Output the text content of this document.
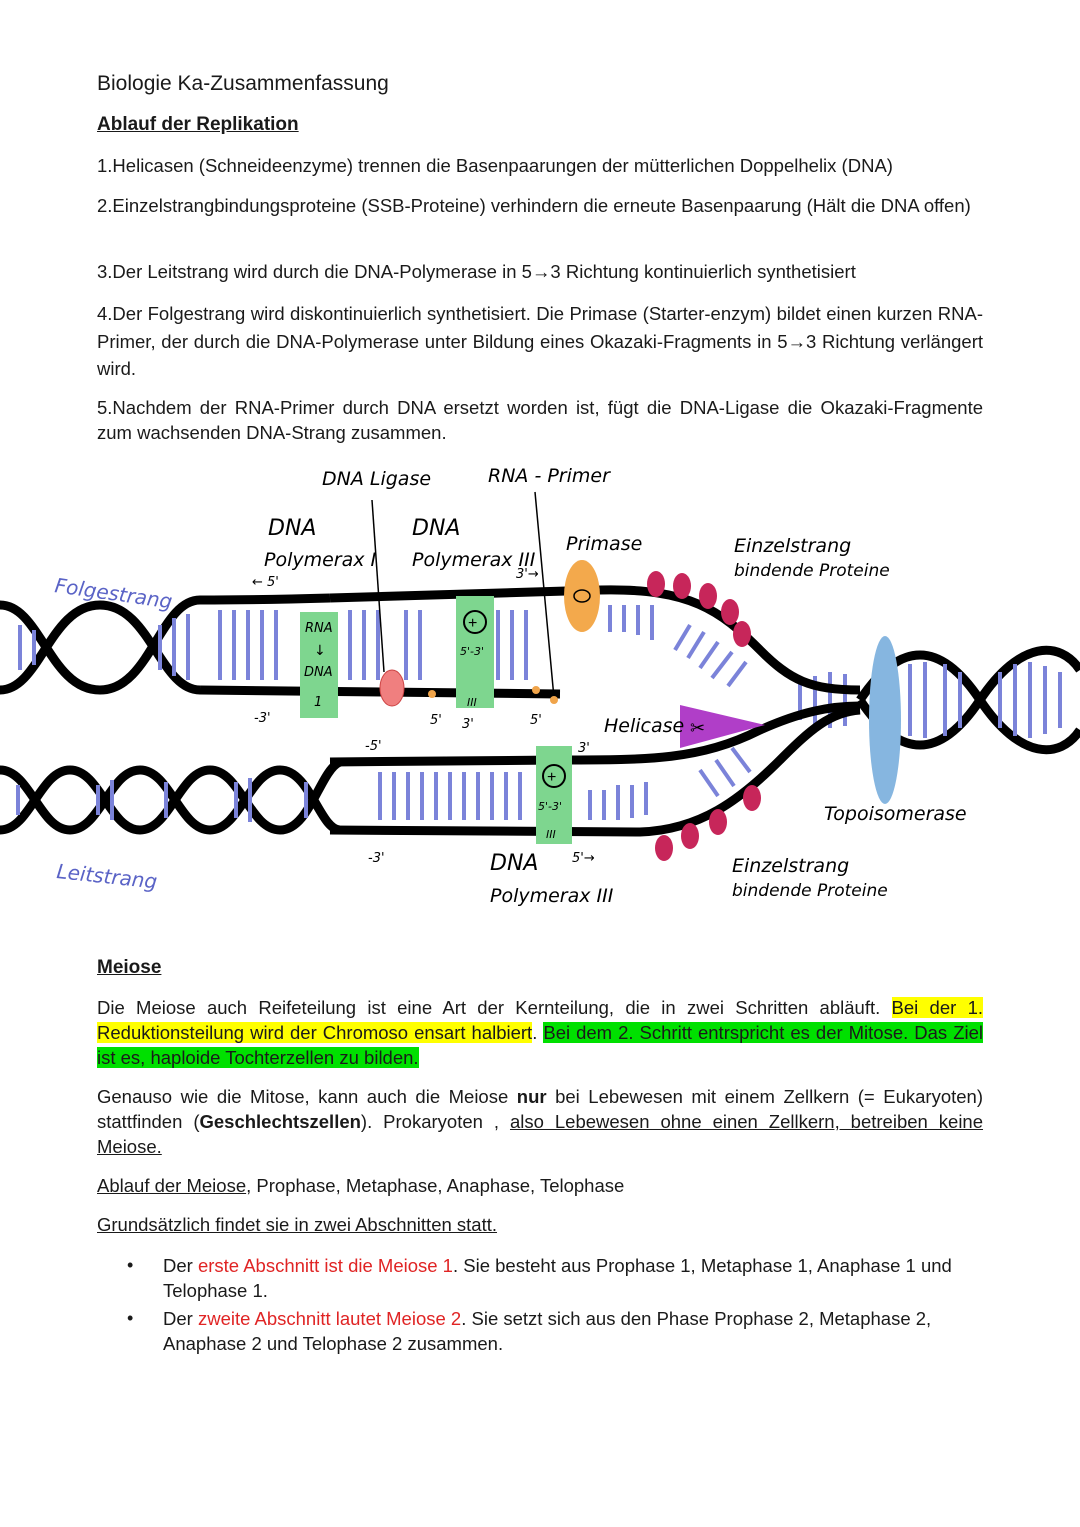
Biologie Ka-Zusammenfassung
Ablauf der Replikation
1.Helicasen (Schneideenzyme) trennen die Basenpaarungen der mütterlichen Doppelhelix (DNA)
2.Einzelstrangbindungsproteine (SSB-Proteine) verhindern die erneute Basenpaarung (Hält die DNA offen)
3.Der Leitstrang wird durch die DNA-Polymerase in 5→3 Richtung kontinuierlich synthetisiert
4.Der Folgestrang wird diskontinuierlich synthetisiert. Die Primase (Starter-enzym) bildet einen kurzen RNA-Primer, der durch die DNA-Polymerase unter Bildung eines Okazaki-Fragments in 5→3 Richtung verlängert wird.
5.Nachdem der RNA-Primer durch DNA ersetzt worden ist, fügt die DNA-Ligase die Okazaki-Fragmente zum wachsenden DNA-Strang zusammen.
Meiose
Die Meiose auch Reifeteilung ist eine Art der Kernteilung, die in zwei Schritten abläuft. Bei der 1. Reduktionsteilung wird der Chromoso ensart halbiert. Bei dem 2. Schritt entrspricht es der Mitose. Das Ziel ist es, haploide Tochterzellen zu bilden.
Genauso wie die Mitose, kann auch die Meiose nur bei Lebewesen mit einem Zellkern (= Eukaryoten) stattfinden (Geschlechtszellen). Prokaryoten , also Lebewesen ohne einen Zellkern, betreiben keine Meiose.
Ablauf der Meiose, Prophase, Metaphase, Anaphase, Telophase
Grundsätzlich findet sie in zwei Abschnitten statt.
• Der erste Abschnitt ist die Meiose 1. Sie besteht aus Prophase 1, Metaphase 1, Anaphase 1 und Telophase 1.
• Der zweite Abschnitt lautet Meiose 2. Sie setzt sich aus den Phase Prophase 2, Metaphase 2, Anaphase 2 und Telophase 2 zusammen.
RNA
↓
DNA
1
+
5'-3'
III
✂
+
5'-3'
III
DNA Ligase	RNA - Primer
DNA
Polymerax I
DNA
Polymerax III
Primase	Einzelstrang
bindende Proteine
Helicase
Topoisomerase
Einzelstrang
bindende Proteine
DNA
Polymerax III
Folgestrang
Leitstrang
← 5'
-3'
-5'
-3'
5' 3'	5'
3'→
3'
5'→
